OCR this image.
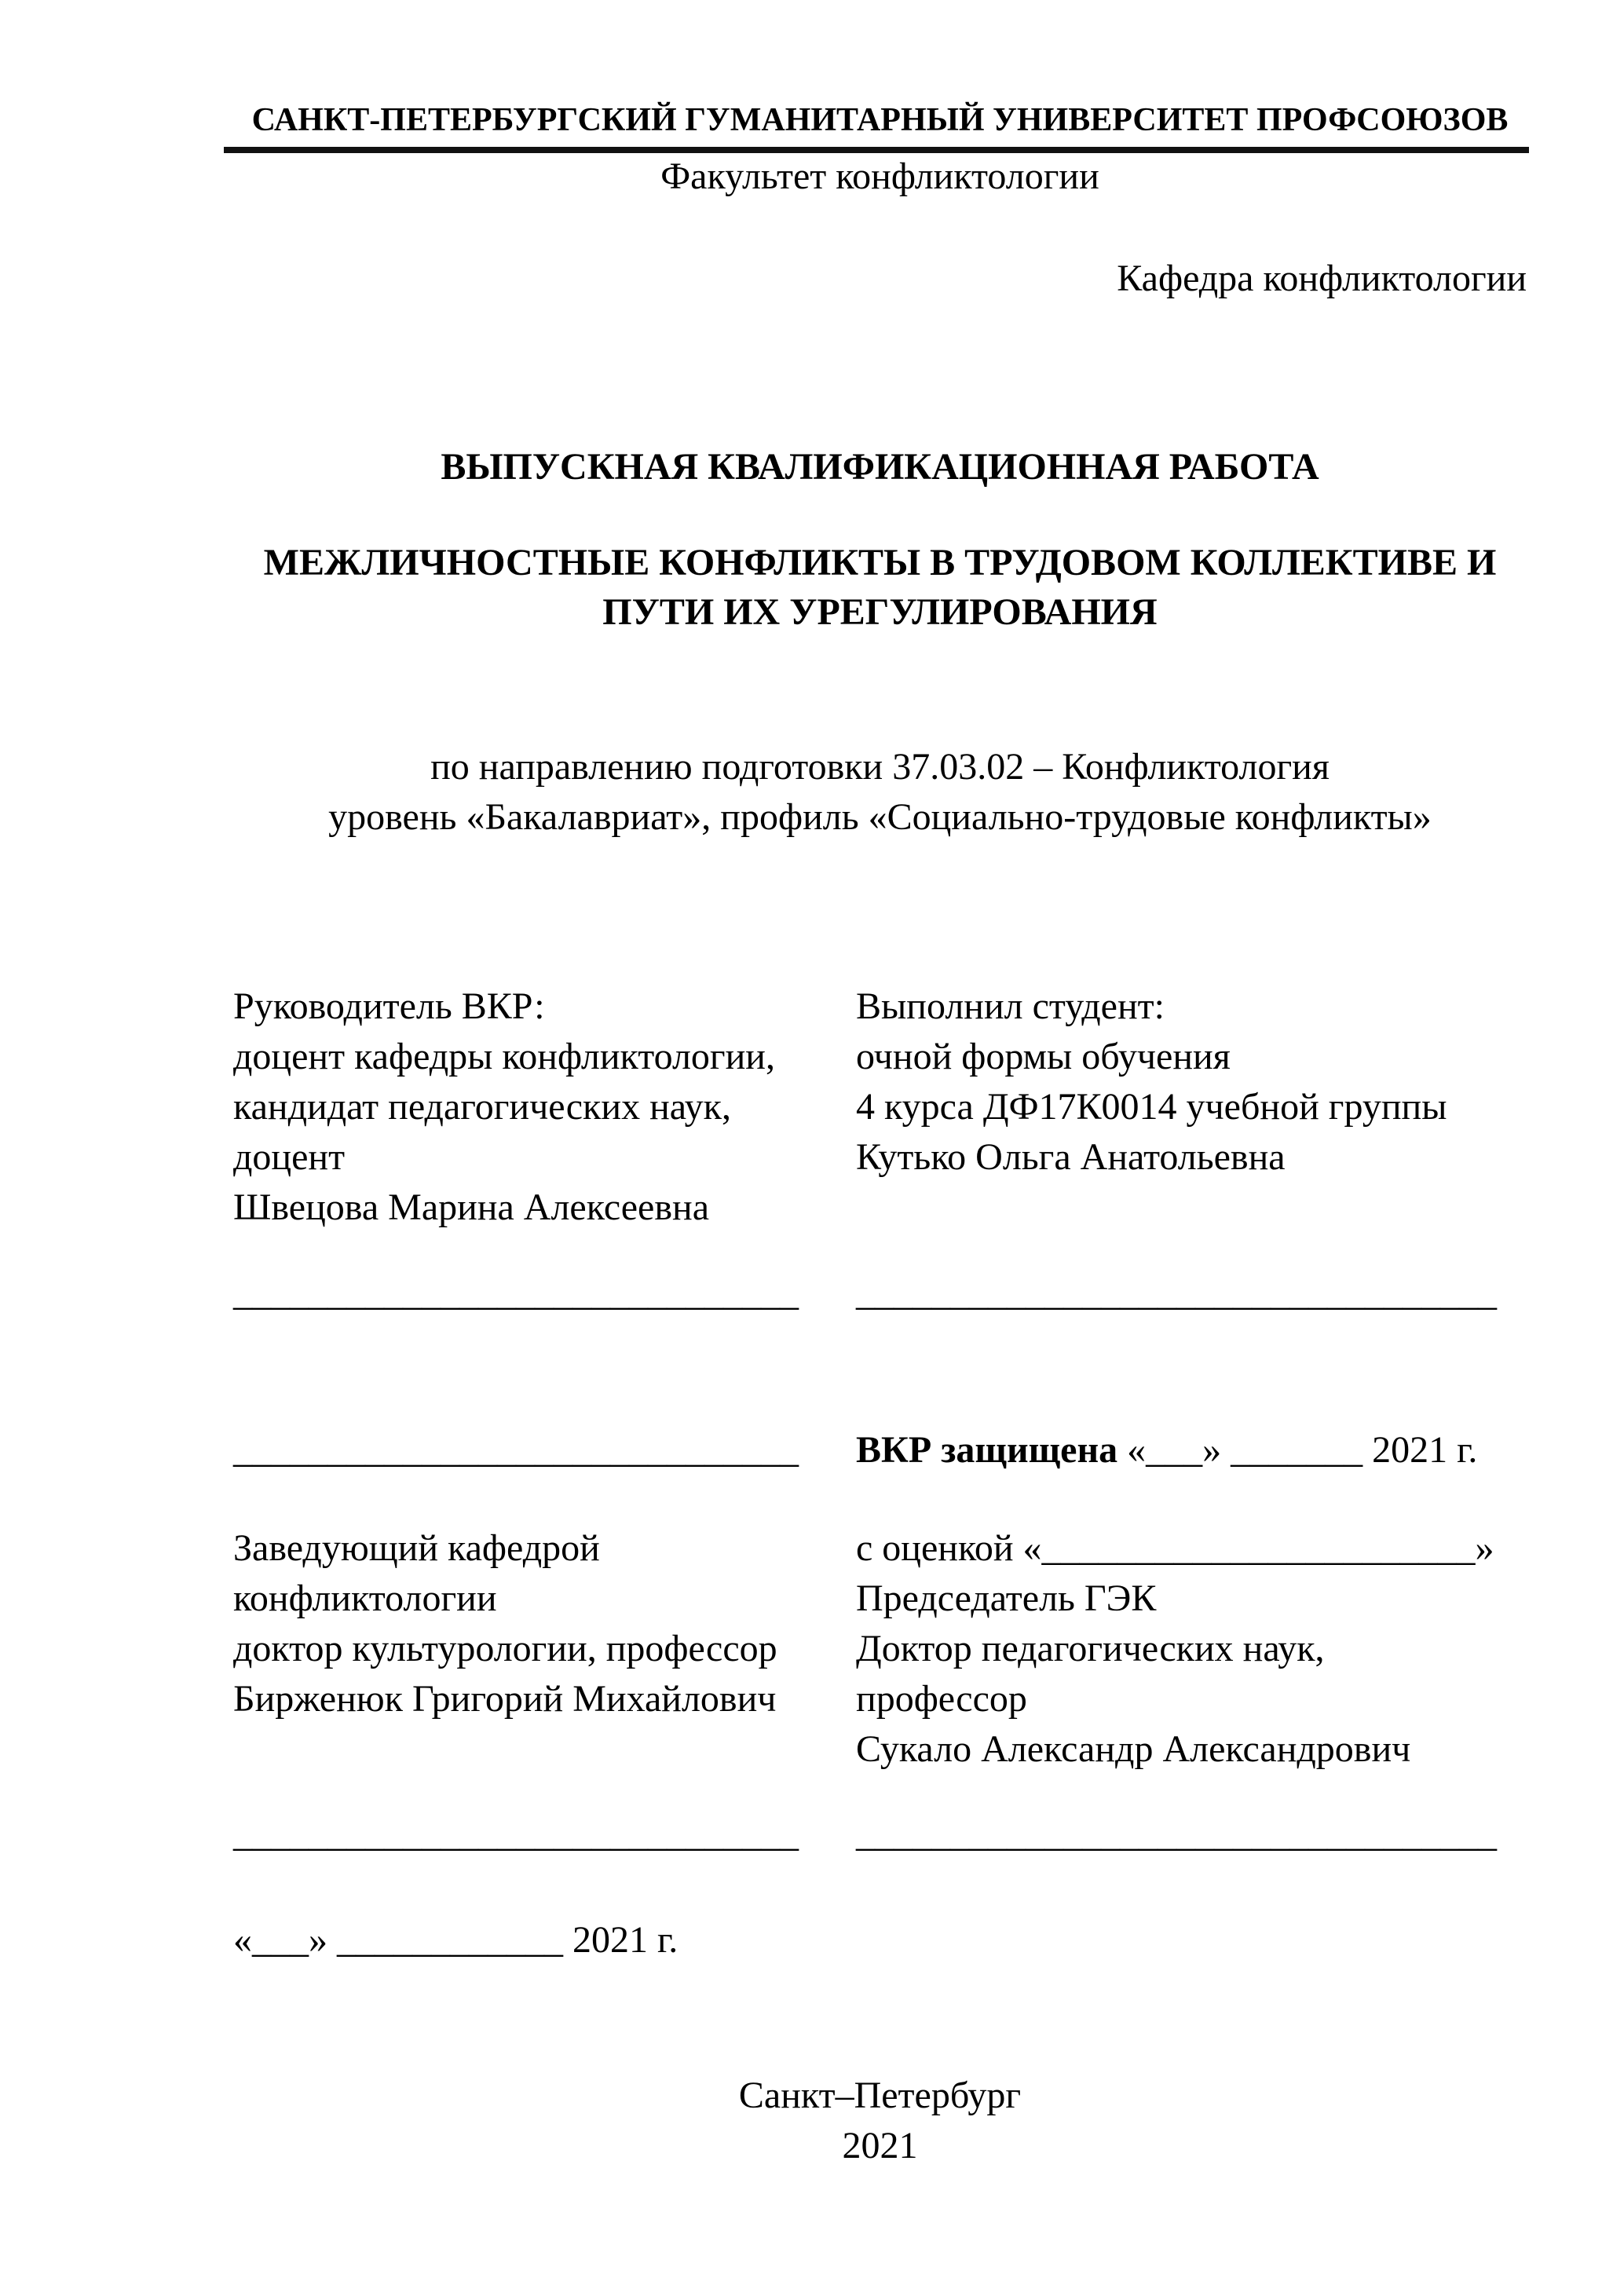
САНКТ-ПЕТЕРБУРГСКИЙ ГУМАНИТАРНЫЙ УНИВЕРСИТЕТ ПРОФСОЮЗОВ
Факультет конфликтологии
Кафедра конфликтологии
ВЫПУСКНАЯ КВАЛИФИКАЦИОННАЯ РАБОТА
МЕЖЛИЧНОСТНЫЕ КОНФЛИКТЫ В ТРУДОВОМ КОЛЛЕКТИВЕ И
ПУТИ ИХ УРЕГУЛИРОВАНИЯ
по направлению подготовки 37.03.02 – Конфликтология
уровень «Бакалавриат», профиль «Социально-трудовые конфликты»
Руководитель ВКР:
доцент кафедры конфликтологии,
кандидат педагогических наук,
доцент
Швецова Марина Алексеевна
Выполнил студент:
очной формы обучения
4 курса ДФ17К0014 учебной группы
Кутько Ольга Анатольевна
______________________________	__________________________________
______________________________	ВКР защищена «___» _______ 2021 г.
Заведующий кафедрой
конфликтологии
доктор культурологии, профессор
Бирженюк Григорий Михайлович
с оценкой «_______________________»
Председатель ГЭК
Доктор педагогических наук,
профессор
Сукало Александр Александрович
______________________________	__________________________________
«___» ____________ 2021 г.
Санкт–Петербург
2021
